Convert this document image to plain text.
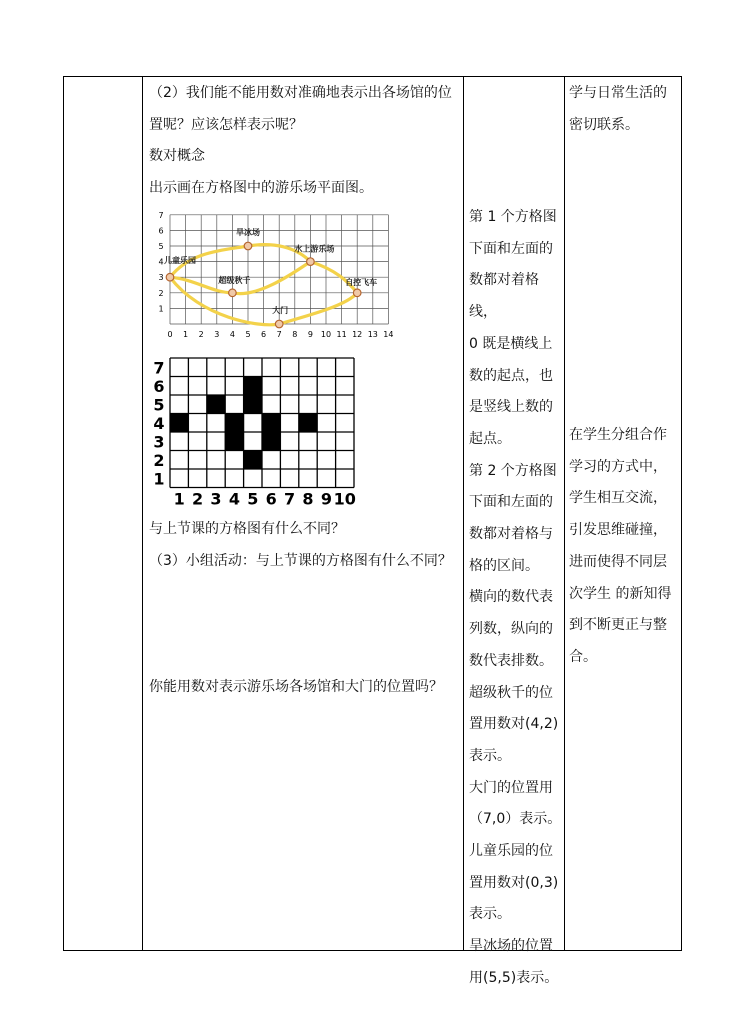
（2）我们能不能用数对准确地表示出各场馆的位

置呢？应该怎样表示呢？

数对概念

出示画在方格图中的游乐场平面图。

0 1 2 3 4 5 6 7 8 9 10 11 12 13 14
1
2
3
4
5
6
7
旱冰场
水上游乐场
儿童乐园
超级秋千	自控飞车
大门
1 2 3 4 5 6 7 8 9 10
1
2
3
4
5
6
7

与上节课的方格图有什么不同？

（3）小组活动：与上节课的方格图有什么不同？

你能用数对表示游乐场各场馆和大门的位置吗？

第 1 个方格图

下面和左面的

数都对着格线，

0 既是横线上

数的起点，也

是竖线上数的

起点。

第 2 个方格图

下面和左面的

数都对着格与

格的区间。

横向的数代表

列数，纵向的

数代表排数。

超级秋千的位

置用数对(4,2)

表示。

大门的位置用

（7,0）表示。

儿童乐园的位

置用数对(0,3)

表示。

旱冰场的位置

用(5,5)表示。

学与日常生活的

密切联系。

在学生分组合作

学习的方式中，

学生相互交流，

引发思维碰撞，

进而使得不同层

次学生 的新知得

到不断更正与整

合。
